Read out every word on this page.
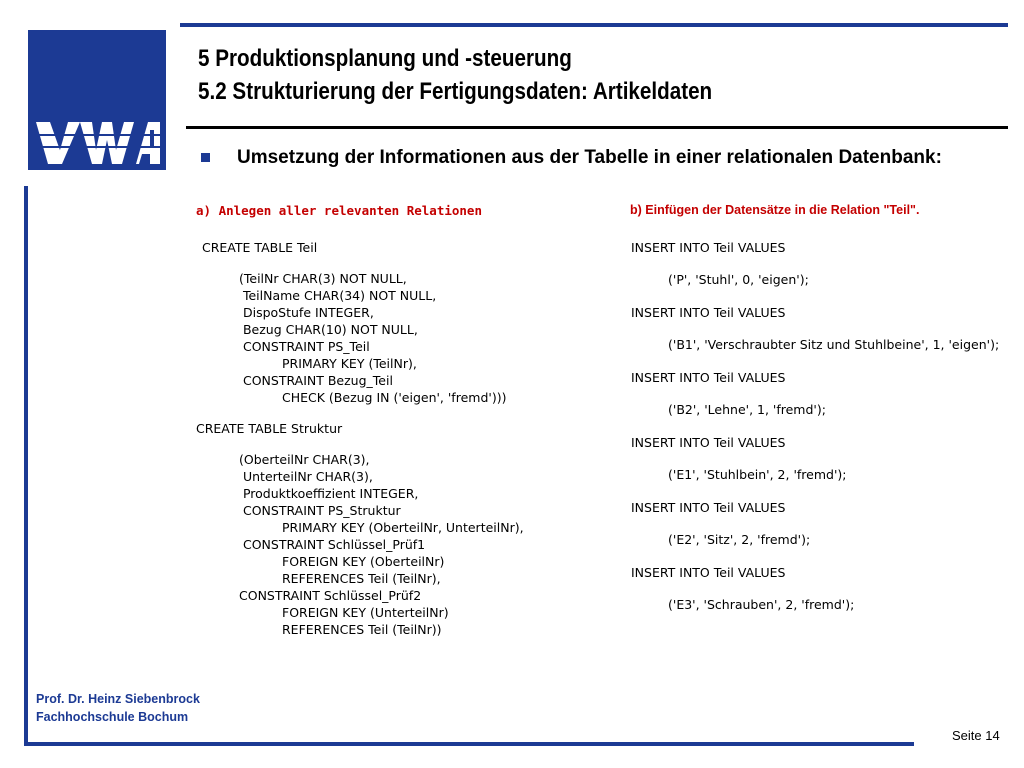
5 Produktionsplanung und -steuerung
5.2 Strukturierung der Fertigungsdaten: Artikeldaten
Umsetzung der Informationen aus der Tabelle in einer relationalen Datenbank:
a) Anlegen aller relevanten Relationen
CREATE TABLE Teil
(TeilNr CHAR(3) NOT NULL,
TeilName CHAR(34) NOT NULL,
DispoStufe INTEGER,
Bezug CHAR(10) NOT NULL,
CONSTRAINT PS_Teil
PRIMARY KEY (TeilNr),
CONSTRAINT Bezug_Teil
CHECK (Bezug IN ('eigen', 'fremd')))
CREATE TABLE Struktur
(OberteilNr CHAR(3),
UnterteilNr CHAR(3),
Produktkoeffizient INTEGER,
CONSTRAINT PS_Struktur
PRIMARY KEY (OberteilNr, UnterteilNr),
CONSTRAINT Schlüssel_Prüf1
FOREIGN KEY (OberteilNr)
REFERENCES Teil (TeilNr),
CONSTRAINT Schlüssel_Prüf2
FOREIGN KEY (UnterteilNr)
REFERENCES Teil (TeilNr))
b) Einfügen der Datensätze in die Relation "Teil".
INSERT INTO Teil VALUES
('P', 'Stuhl', 0, 'eigen');
INSERT INTO Teil VALUES
('B1', 'Verschraubter Sitz und Stuhlbeine', 1, 'eigen');
INSERT INTO Teil VALUES
('B2', 'Lehne', 1, 'fremd');
INSERT INTO Teil VALUES
('E1', 'Stuhlbein', 2, 'fremd');
INSERT INTO Teil VALUES
('E2', 'Sitz', 2, 'fremd');
INSERT INTO Teil VALUES
('E3', 'Schrauben', 2, 'fremd');
Prof. Dr. Heinz Siebenbrock
Fachhochschule Bochum
Seite 14
